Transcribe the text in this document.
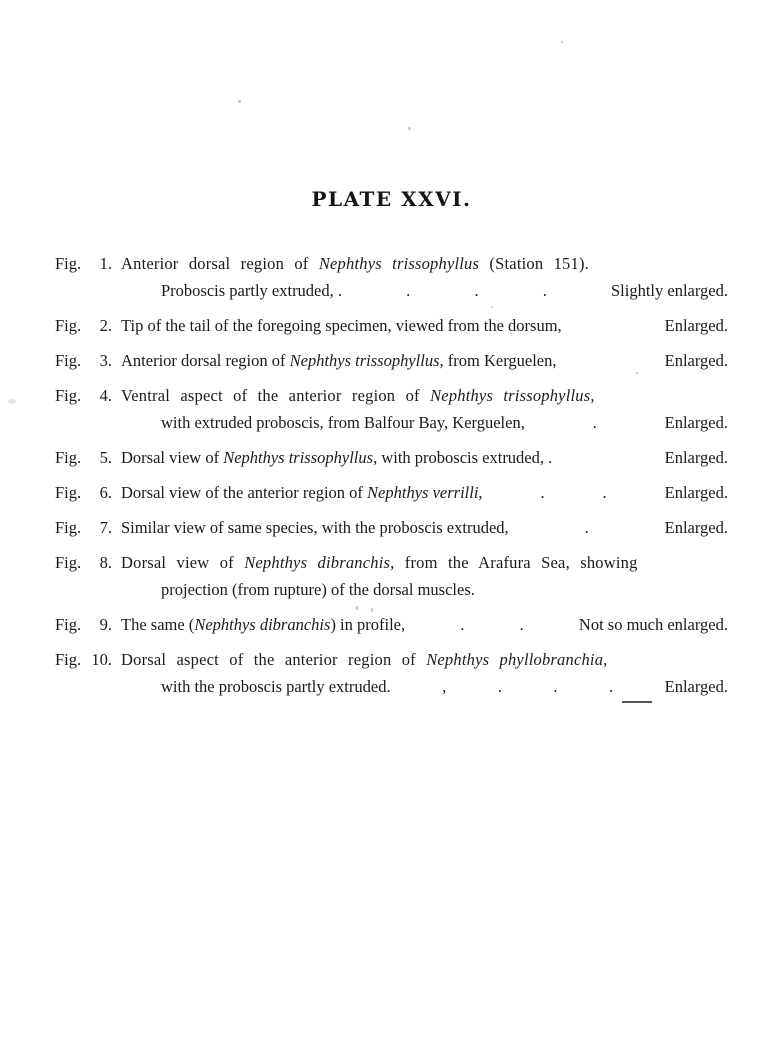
PLATE XXVI.
Fig. 1. Anterior dorsal region of Nephthys trissophyllus (Station 151).
Proboscis partly extruded, .	.	.	.	Slightly enlarged.
Fig. 2. Tip of the tail of the foregoing specimen, viewed from the dorsum,	Enlarged.
Fig. 3. Anterior dorsal region of Nephthys trissophyllus, from Kerguelen,	Enlarged.
Fig. 4. Ventral aspect of the anterior region of Nephthys trissophyllus,
with extruded proboscis, from Balfour Bay, Kerguelen,	.	Enlarged.
Fig. 5. Dorsal view of Nephthys trissophyllus, with proboscis extruded, .	Enlarged.
Fig. 6. Dorsal view of the anterior region of Nephthys verrilli,	.	.	Enlarged.
Fig. 7. Similar view of same species, with the proboscis extruded,	.	Enlarged.
Fig. 8. Dorsal view of Nephthys dibranchis, from the Arafura Sea, showing
projection (from rupture) of the dorsal muscles.
Fig. 9. The same (Nephthys dibranchis) in profile,	.	.	Not so much enlarged.
Fig. 10. Dorsal aspect of the anterior region of Nephthys phyllobranchia,
with the proboscis partly extruded.	,	.	.	.	Enlarged.
